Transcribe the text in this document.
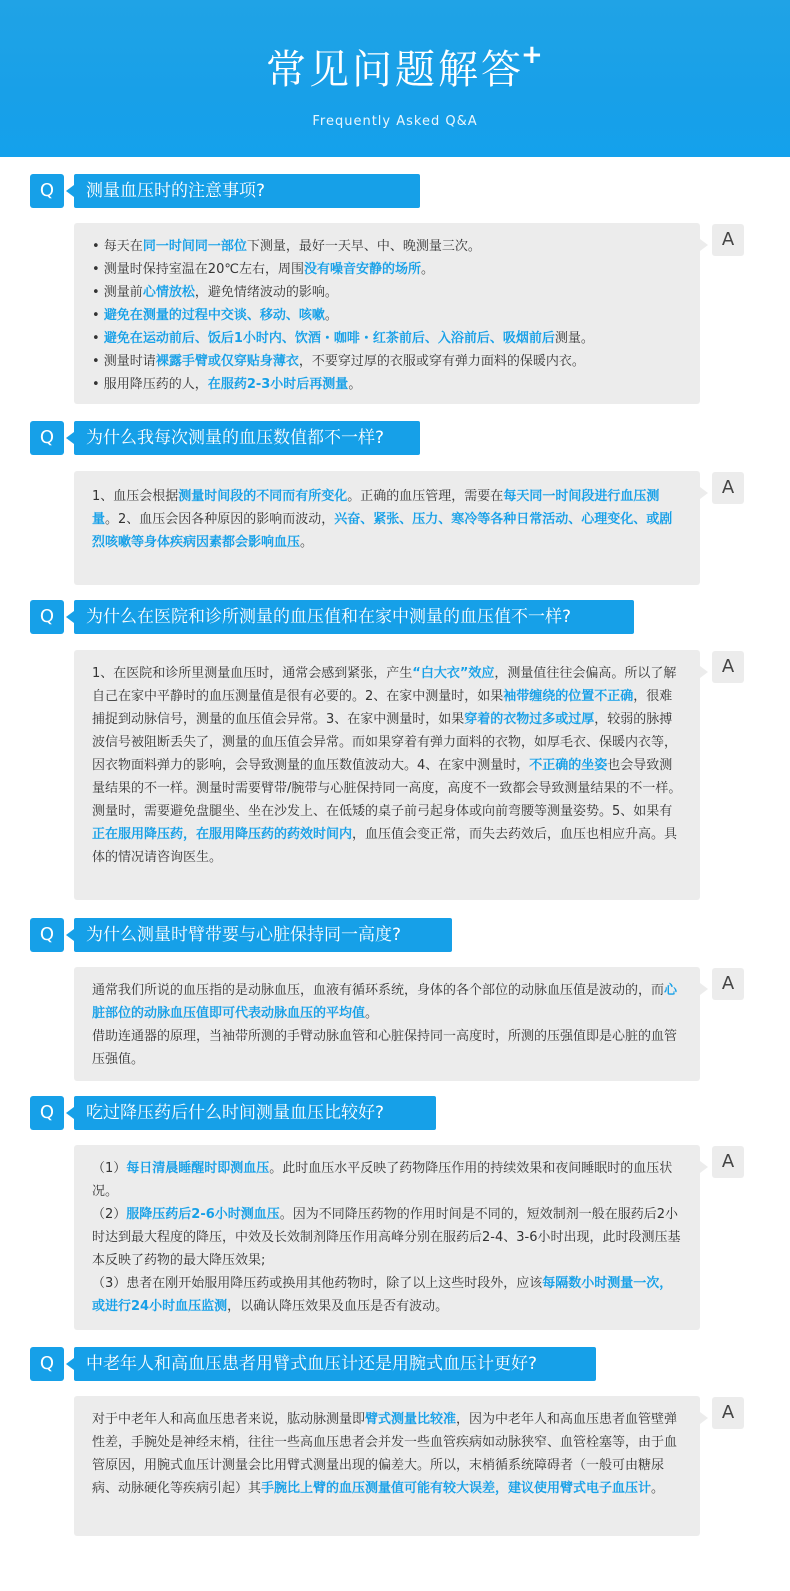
常见问题解答
+
Frequently Asked Q&A
Q	测量血压时的注意事项?
• 每天在同一时间同一部位下测量，最好一天早、中、晚测量三次。
• 测量时保持室温在20℃左右，周围没有噪音安静的场所。
• 测量前心情放松，避免情绪波动的影响。
• 避免在测量的过程中交谈、移动、咳嗽。
• 避免在运动前后、饭后1小时内、饮酒・咖啡・红茶前后、入浴前后、吸烟前后测量。
• 测量时请裸露手臂或仅穿贴身薄衣，不要穿过厚的衣服或穿有弹力面料的保暖内衣。
• 服用降压药的人，在服药2-3小时后再测量。
A
Q	为什么我每次测量的血压数值都不一样?
1、血压会根据测量时间段的不同而有所变化。正确的血压管理，需要在每天同一时间段进行血压测量。2、血压会因各种原因的影响而波动，兴奋、紧张、压力、寒冷等各种日常活动、心理变化、或剧烈咳嗽等身体疾病因素都会影响血压。
A
Q	为什么在医院和诊所测量的血压值和在家中测量的血压值不一样?
1、在医院和诊所里测量血压时，通常会感到紧张，产生“白大衣”效应，测量值往往会偏高。所以了解自己在家中平静时的血压测量值是很有必要的。2、在家中测量时，如果袖带缠绕的位置不正确，很难捕捉到动脉信号，测量的血压值会异常。3、在家中测量时，如果穿着的衣物过多或过厚，较弱的脉搏波信号被阻断丢失了，测量的血压值会异常。而如果穿着有弹力面料的衣物，如厚毛衣、保暖内衣等，因衣物面料弹力的影响，会导致测量的血压数值波动大。4、在家中测量时，不正确的坐姿也会导致测量结果的不一样。测量时需要臂带/腕带与心脏保持同一高度，高度不一致都会导致测量结果的不一样。测量时，需要避免盘腿坐、坐在沙发上、在低矮的桌子前弓起身体或向前弯腰等测量姿势。5、如果有正在服用降压药，在服用降压药的药效时间内，血压值会变正常，而失去药效后，血压也相应升高。具体的情况请咨询医生。
A
Q	为什么测量时臂带要与心脏保持同一高度?
通常我们所说的血压指的是动脉血压，血液有循环系统，身体的各个部位的动脉血压值是波动的，而心脏部位的动脉血压值即可代表动脉血压的平均值。
借助连通器的原理，当袖带所测的手臂动脉血管和心脏保持同一高度时，所测的压强值即是心脏的血管压强值。
A
Q	吃过降压药后什么时间测量血压比较好?
（1）每日清晨睡醒时即测血压。此时血压水平反映了药物降压作用的持续效果和夜间睡眠时的血压状况。
（2）服降压药后2-6小时测血压。因为不同降压药物的作用时间是不同的，短效制剂一般在服药后2小时达到最大程度的降压，中效及长效制剂降压作用高峰分别在服药后2-4、3-6小时出现，此时段测压基本反映了药物的最大降压效果;
（3）患者在刚开始服用降压药或换用其他药物时，除了以上这些时段外，应该每隔数小时测量一次，或进行24小时血压监测，以确认降压效果及血压是否有波动。
A
Q	中老年人和高血压患者用臂式血压计还是用腕式血压计更好?
对于中老年人和高血压患者来说，肱动脉测量即臂式测量比较准，因为中老年人和高血压患者血管壁弹性差，手腕处是神经末梢，往往一些高血压患者会并发一些血管疾病如动脉狭窄、血管栓塞等，由于血管原因，用腕式血压计测量会比用臂式测量出现的偏差大。所以，末梢循系统障碍者（一般可由糖尿病、动脉硬化等疾病引起）其手腕比上臂的血压测量值可能有较大误差，建议使用臂式电子血压计。
A
